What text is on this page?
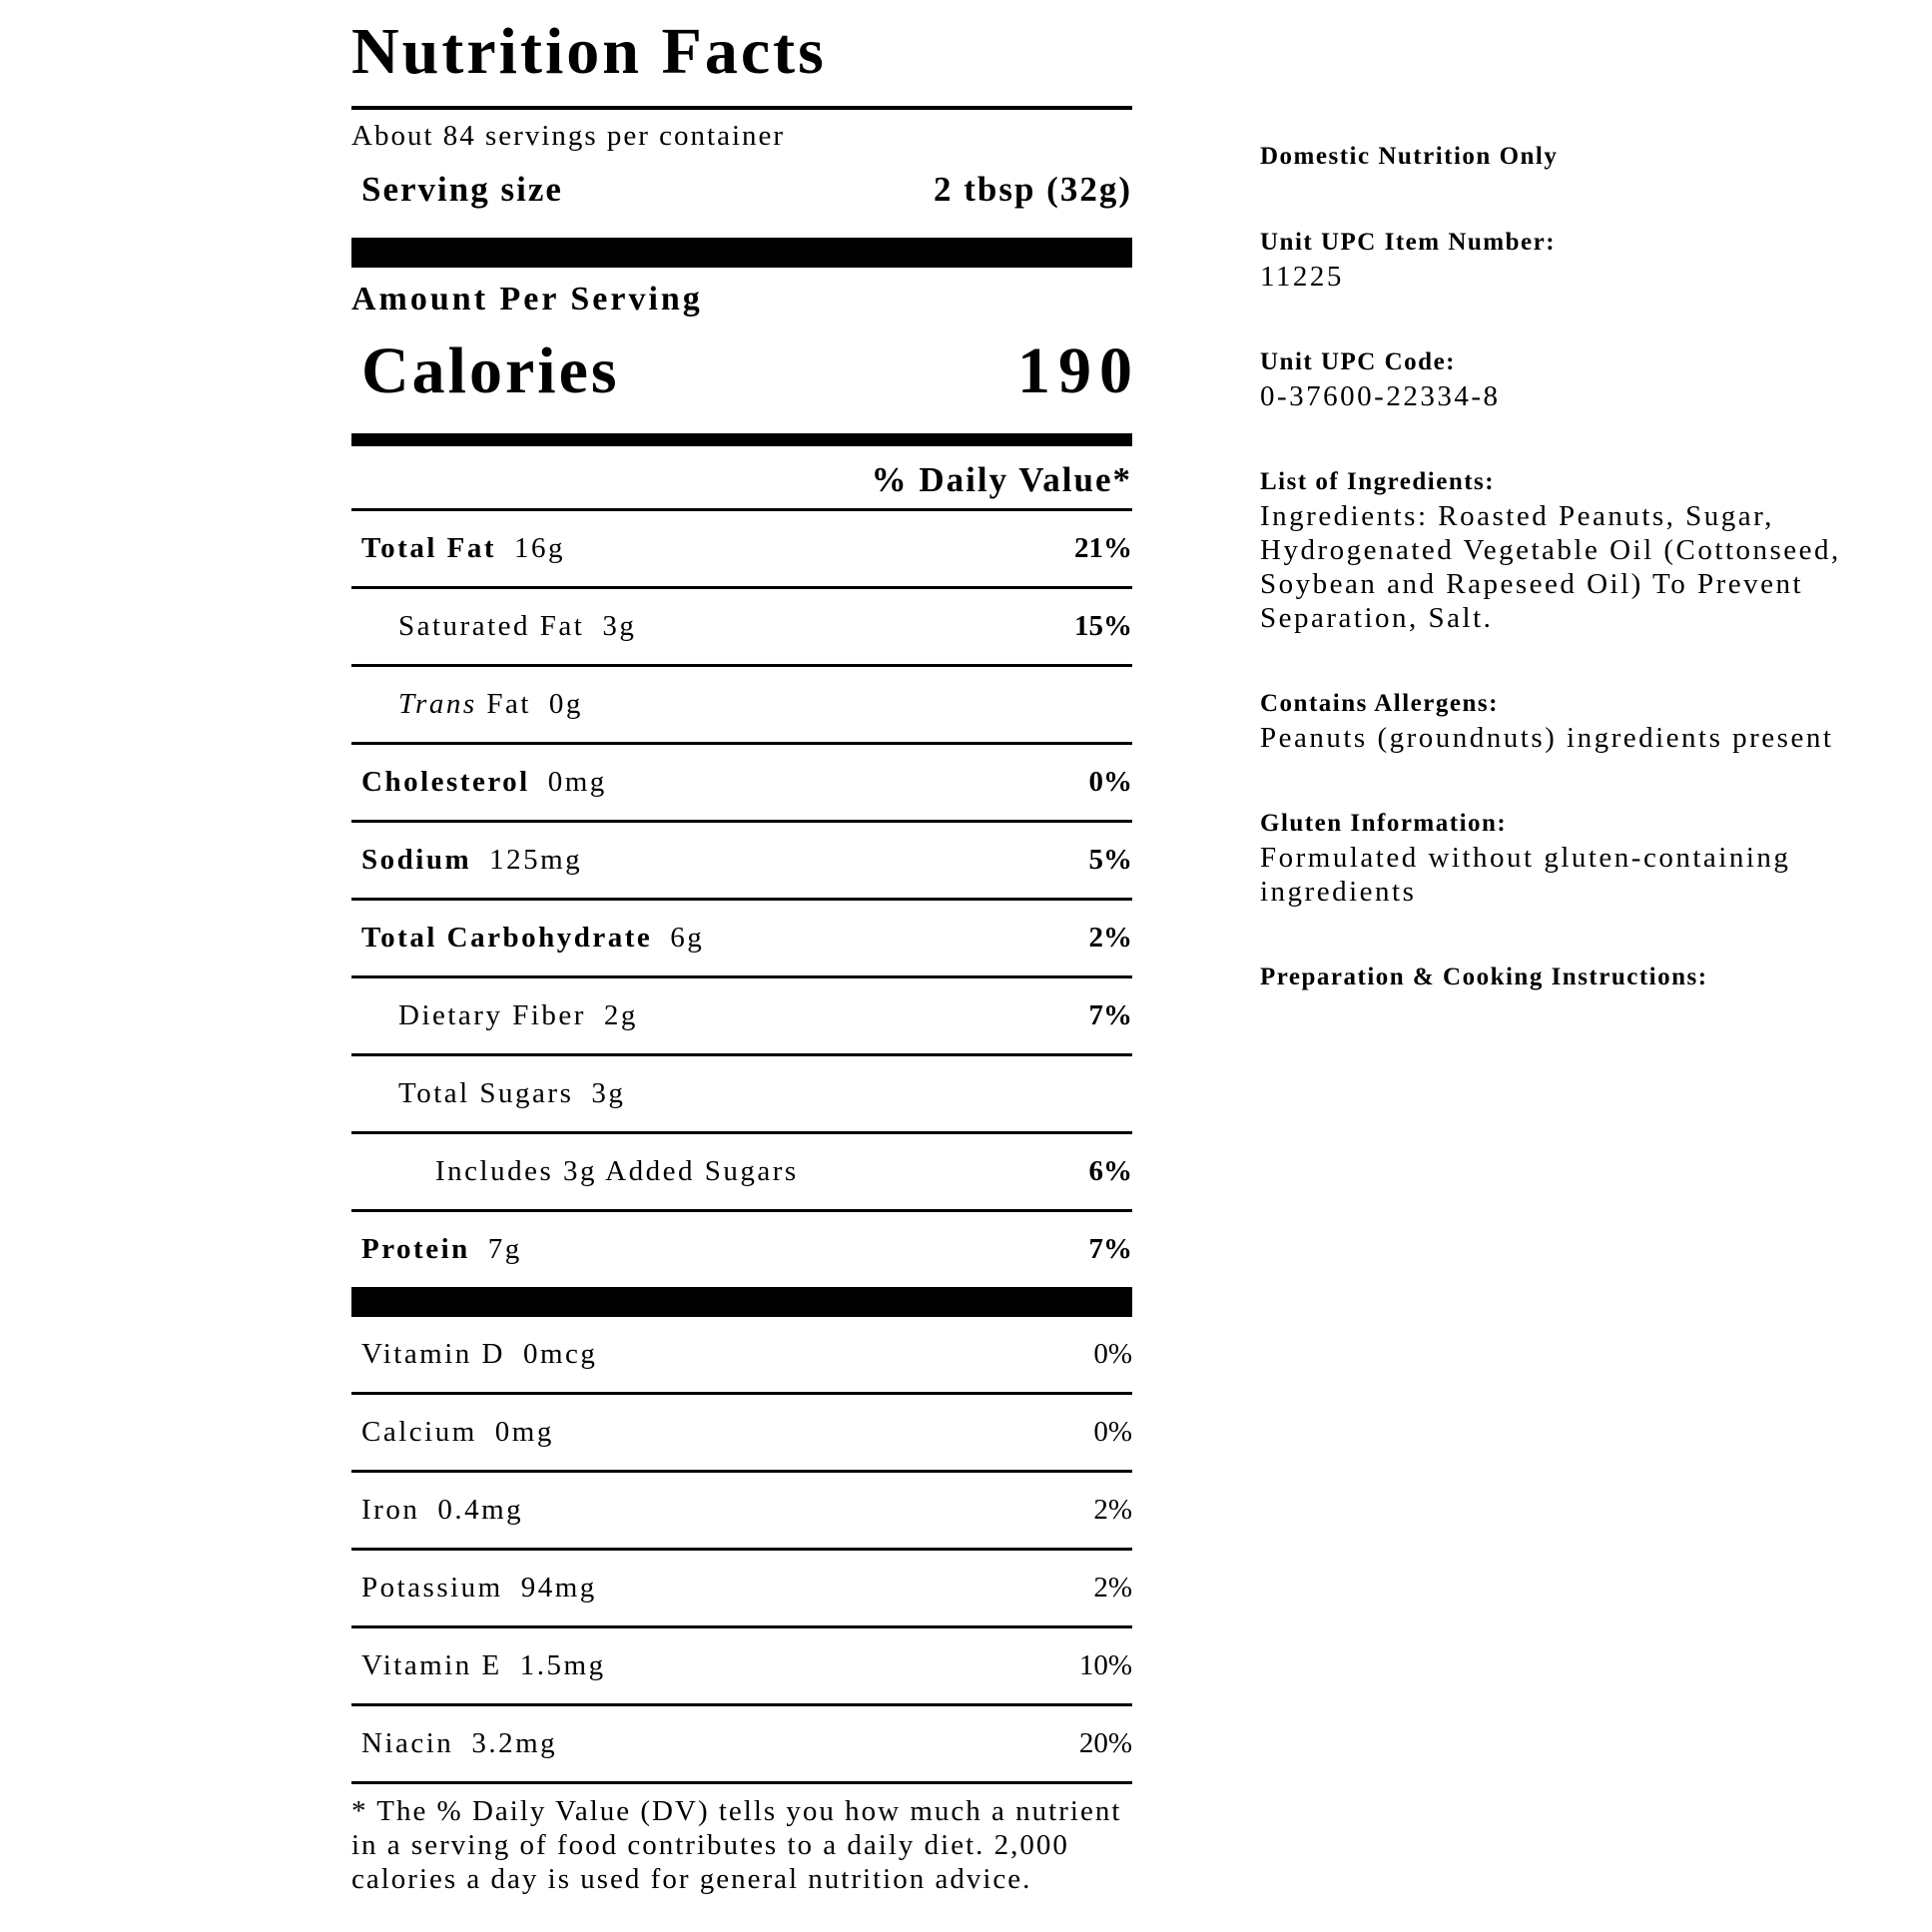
Nutrition Facts
About 84 servings per container
Serving size	2 tbsp (32g)
Amount Per Serving
Calories	190
% Daily Value*
Total Fat 16g	21%
Saturated Fat 3g	15%
Trans Fat 0g
Cholesterol 0mg	0%
Sodium 125mg	5%
Total Carbohydrate 6g	2%
Dietary Fiber 2g	7%
Total Sugars 3g
Includes 3g Added Sugars	6%
Protein 7g	7%
Vitamin D 0mcg	0%
Calcium 0mg	0%
Iron 0.4mg	2%
Potassium 94mg	2%
Vitamin E 1.5mg	10%
Niacin 3.2mg	20%
* The % Daily Value (DV) tells you how much a nutrient in a serving of food contributes to a daily diet. 2,000 calories a day is used for general nutrition advice.
Domestic Nutrition Only
Unit UPC Item Number:
11225
Unit UPC Code:
0-37600-22334-8
List of Ingredients:
Ingredients: Roasted Peanuts, Sugar, Hydrogenated Vegetable Oil (Cottonseed, Soybean and Rapeseed Oil) To Prevent Separation, Salt.
Contains Allergens:
Peanuts (groundnuts) ingredients present
Gluten Information:
Formulated without gluten-containing ingredients
Preparation & Cooking Instructions:
